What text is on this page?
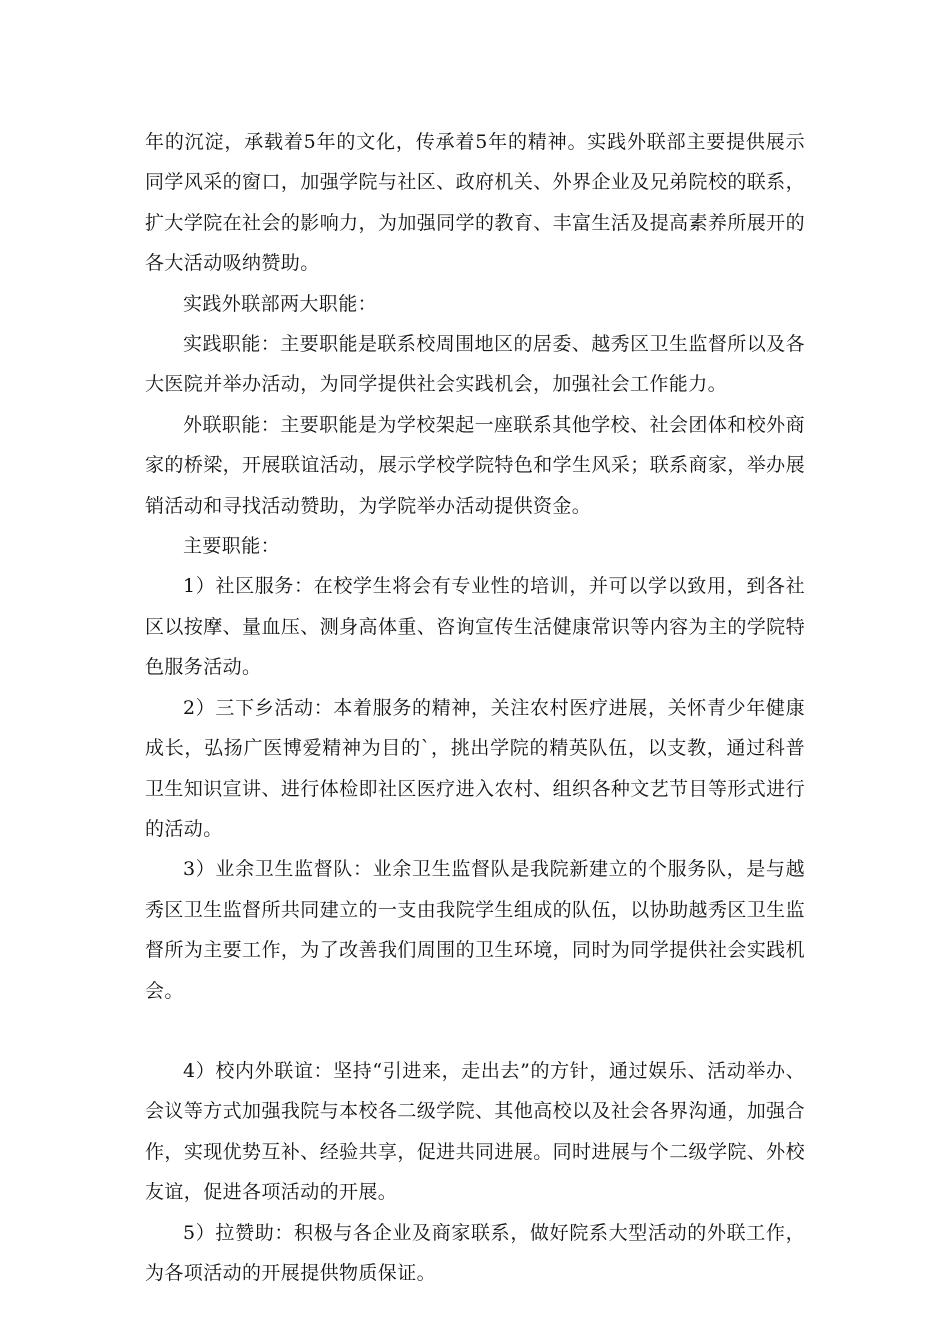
年的沉淀，承载着5年的文化，传承着5年的精神。实践外联部主要提供展示同学风采的窗口，加强学院与社区、政府机关、外界企业及兄弟院校的联系，扩大学院在社会的影响力，为加强同学的教育、丰富生活及提高素养所展开的各大活动吸纳赞助。

实践外联部两大职能：

实践职能：主要职能是联系校周围地区的居委、越秀区卫生监督所以及各大医院并举办活动，为同学提供社会实践机会，加强社会工作能力。

外联职能：主要职能是为学校架起一座联系其他学校、社会团体和校外商家的桥梁，开展联谊活动，展示学校学院特色和学生风采；联系商家，举办展销活动和寻找活动赞助，为学院举办活动提供资金。

主要职能：

1）社区服务：在校学生将会有专业性的培训，并可以学以致用，到各社区以按摩、量血压、测身高体重、咨询宣传生活健康常识等内容为主的学院特色服务活动。

2）三下乡活动：本着服务的精神，关注农村医疗进展，关怀青少年健康成长，弘扬广医博爱精神为目的`，挑出学院的精英队伍，以支教，通过科普卫生知识宣讲、进行体检即社区医疗进入农村、组织各种文艺节目等形式进行的活动。

3）业余卫生监督队：业余卫生监督队是我院新建立的个服务队，是与越秀区卫生监督所共同建立的一支由我院学生组成的队伍，以协助越秀区卫生监督所为主要工作，为了改善我们周围的卫生环境，同时为同学提供社会实践机会。

4）校内外联谊：坚持“引进来，走出去”的方针，通过娱乐、活动举办、会议等方式加强我院与本校各二级学院、其他高校以及社会各界沟通，加强合作，实现优势互补、经验共享，促进共同进展。同时进展与个二级学院、外校友谊，促进各项活动的开展。

5）拉赞助：积极与各企业及商家联系，做好院系大型活动的外联工作，为各项活动的开展提供物质保证。
